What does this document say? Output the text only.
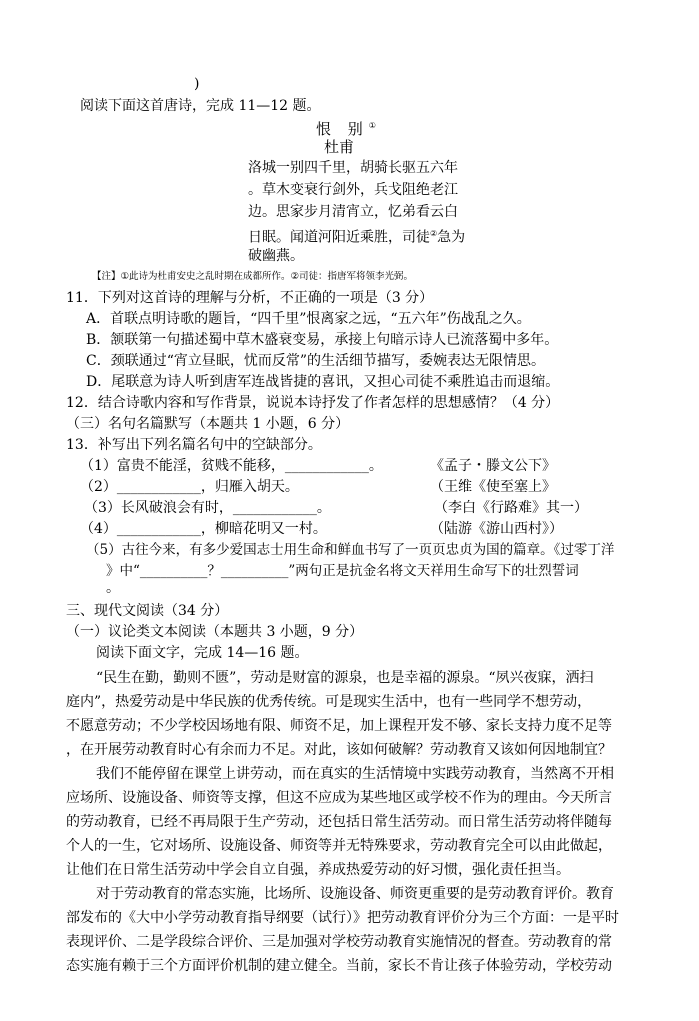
)
阅读下面这首唐诗，完成 11—12 题。
恨 别①
杜甫
洛城一别四千里，胡骑长驱五六年
。草木变衰行剑外，兵戈阻绝老江
边。思家步月清宵立，忆弟看云白
日眠。闻道河阳近乘胜，司徒②急为
破幽燕。
【注】①此诗为杜甫安史之乱时期在成都所作。②司徒：指唐军将领李光弼。
11．下列对这首诗的理解与分析，不正确的一项是（3 分）
A．首联点明诗歌的题旨，“四千里”恨离家之远，“五六年”伤战乱之久。
B．颔联第一句描述蜀中草木盛衰变易，承接上句暗示诗人已流落蜀中多年。
C．颈联通过“宵立昼眠，忧而反常”的生活细节描写，委婉表达无限情思。
D．尾联意为诗人听到唐军连战皆捷的喜讯，又担心司徒不乘胜追击而退缩。
12．结合诗歌内容和写作背景，说说本诗抒发了作者怎样的思想感情？（4 分）
（三）名句名篇默写（本题共 1 小题，6 分）
13．补写出下列名篇名句中的空缺部分。
（1）富贵不能淫，贫贱不能移，____________。	《孟子・滕文公下》
（2）____________，归雁入胡天。	（王维《使至塞上》
（3）长风破浪会有时，____________。	（李白《行路难》其一）
（4）____________，柳暗花明又一村。	（陆游《游山西村》）
（5）古往今来，有多少爱国志士用生命和鲜血书写了一页页忠贞为国的篇章。《过零丁洋
》中“__________？__________”两句正是抗金名将文天祥用生命写下的壮烈誓词
。
三、现代文阅读（34 分）
（一）议论类文本阅读（本题共 3 小题，9 分）
阅读下面文字，完成 14—16 题。
“民生在勤，勤则不匮”，劳动是财富的源泉，也是幸福的源泉。“夙兴夜寐，洒扫
庭内”，热爱劳动是中华民族的优秀传统。可是现实生活中，也有一些同学不想劳动，
不愿意劳动；不少学校因场地有限、师资不足，加上课程开发不够、家长支持力度不足等
，在开展劳动教育时心有余而力不足。对此，该如何破解？劳动教育又该如何因地制宜？
我们不能停留在课堂上讲劳动，而在真实的生活情境中实践劳动教育，当然离不开相
应场所、设施设备、师资等支撑，但这不应成为某些地区或学校不作为的理由。今天所言
的劳动教育，已经不再局限于生产劳动，还包括日常生活劳动。而日常生活劳动将伴随每
个人的一生，它对场所、设施设备、师资等并无特殊要求，劳动教育完全可以由此做起，
让他们在日常生活劳动中学会自立自强，养成热爱劳动的好习惯，强化责任担当。
对于劳动教育的常态实施，比场所、设施设备、师资更重要的是劳动教育评价。教育
部发布的《大中小学劳动教育指导纲要（试行）》把劳动教育评价分为三个方面：一是平时
表现评价、二是学段综合评价、三是加强对学校劳动教育实施情况的督查。劳动教育的常
态实施有赖于三个方面评价机制的建立健全。当前，家长不肯让孩子体验劳动，学校劳动
